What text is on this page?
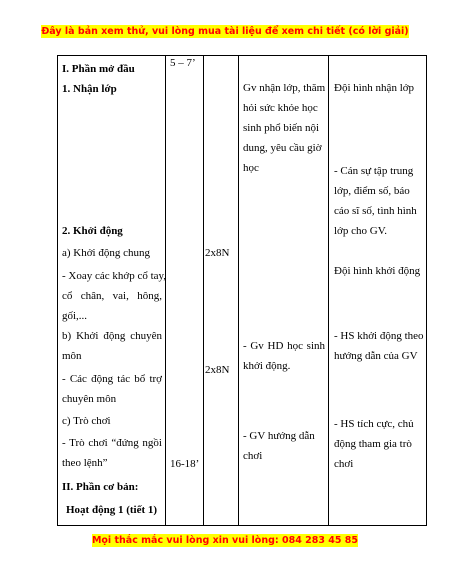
Đây là bản xem thử, vui lòng mua tài liệu để xem chi tiết (có lời giải)
I. Phần mở đầu
1. Nhận lớp
2. Khởi động
a) Khởi động chung
- Xoay các khớp cổ tay,
cổ chân, vai, hông,
gối,...
b) Khởi động chuyên
môn
- Các động tác bổ trợ
chuyên môn
c) Trò chơi
- Trò chơi “đứng ngồi
theo lệnh”
II. Phần cơ bản:
Hoạt động 1 (tiết 1)
5 – 7’
16-18’
2x8N
2x8N
Gv nhận lớp, thăm
hỏi sức khỏe học
sinh phổ biến nội
dung, yêu cầu giờ
học
- Gv HD học sinh
khởi động.
- GV hướng dẫn
chơi
Đội hình nhận lớp
- Cán sự tập trung
lớp, điểm số, báo
cáo sĩ số, tình hình
lớp cho GV.
Đội hình khởi động
- HS khởi động theo
hướng dẫn của GV
- HS tích cực, chủ
động tham gia trò
chơi
Mọi thắc mắc vui lòng xin vui lòng: 084 283 45 85
